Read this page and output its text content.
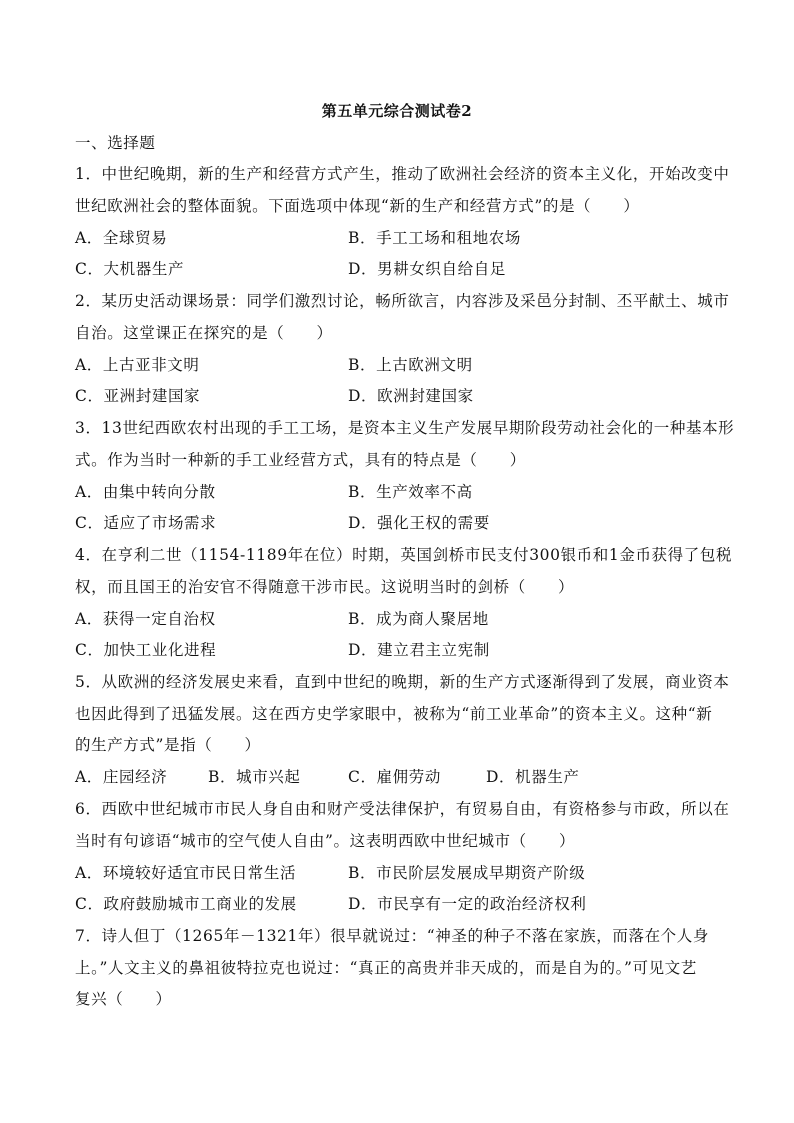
第五单元综合测试卷2
一、选择题
1．中世纪晚期，新的生产和经营方式产生，推动了欧洲社会经济的资本主义化，开始改变中
世纪欧洲社会的整体面貌。下面选项中体现“新的生产和经营方式”的是（　　）
A．全球贸易	B．手工工场和租地农场
C．大机器生产	D．男耕女织自给自足
2．某历史活动课场景：同学们激烈讨论，畅所欲言，内容涉及采邑分封制、丕平献土、城市
自治。这堂课正在探究的是（　　）
A．上古亚非文明	B．上古欧洲文明
C．亚洲封建国家	D．欧洲封建国家
3．13世纪西欧农村出现的手工工场，是资本主义生产发展早期阶段劳动社会化的一种基本形
式。作为当时一种新的手工业经营方式，具有的特点是（　　）
A．由集中转向分散	B．生产效率不高
C．适应了市场需求	D．强化王权的需要
4．在亨利二世（1154-1189年在位）时期，英国剑桥市民支付300银币和1金币获得了包税
权，而且国王的治安官不得随意干涉市民。这说明当时的剑桥（　　）
A．获得一定自治权	B．成为商人聚居地
C．加快工业化进程	D．建立君主立宪制
5．从欧洲的经济发展史来看，直到中世纪的晚期，新的生产方式逐渐得到了发展，商业资本
也因此得到了迅猛发展。这在西方史学家眼中，被称为“前工业革命”的资本主义。这种“新
的生产方式”是指（　　）
A．庄园经济	B．城市兴起	C．雇佣劳动	D．机器生产
6．西欧中世纪城市市民人身自由和财产受法律保护，有贸易自由，有资格参与市政，所以在
当时有句谚语“城市的空气使人自由”。这表明西欧中世纪城市（　　）
A．环境较好适宜市民日常生活	B．市民阶层发展成早期资产阶级
C．政府鼓励城市工商业的发展	D．市民享有一定的政治经济权利
7．诗人但丁（1265年－1321年）很早就说过：“神圣的种子不落在家族，而落在个人身
上。”人文主义的鼻祖彼特拉克也说过：“真正的高贵并非天成的，而是自为的。”可见文艺
复兴（　　）
